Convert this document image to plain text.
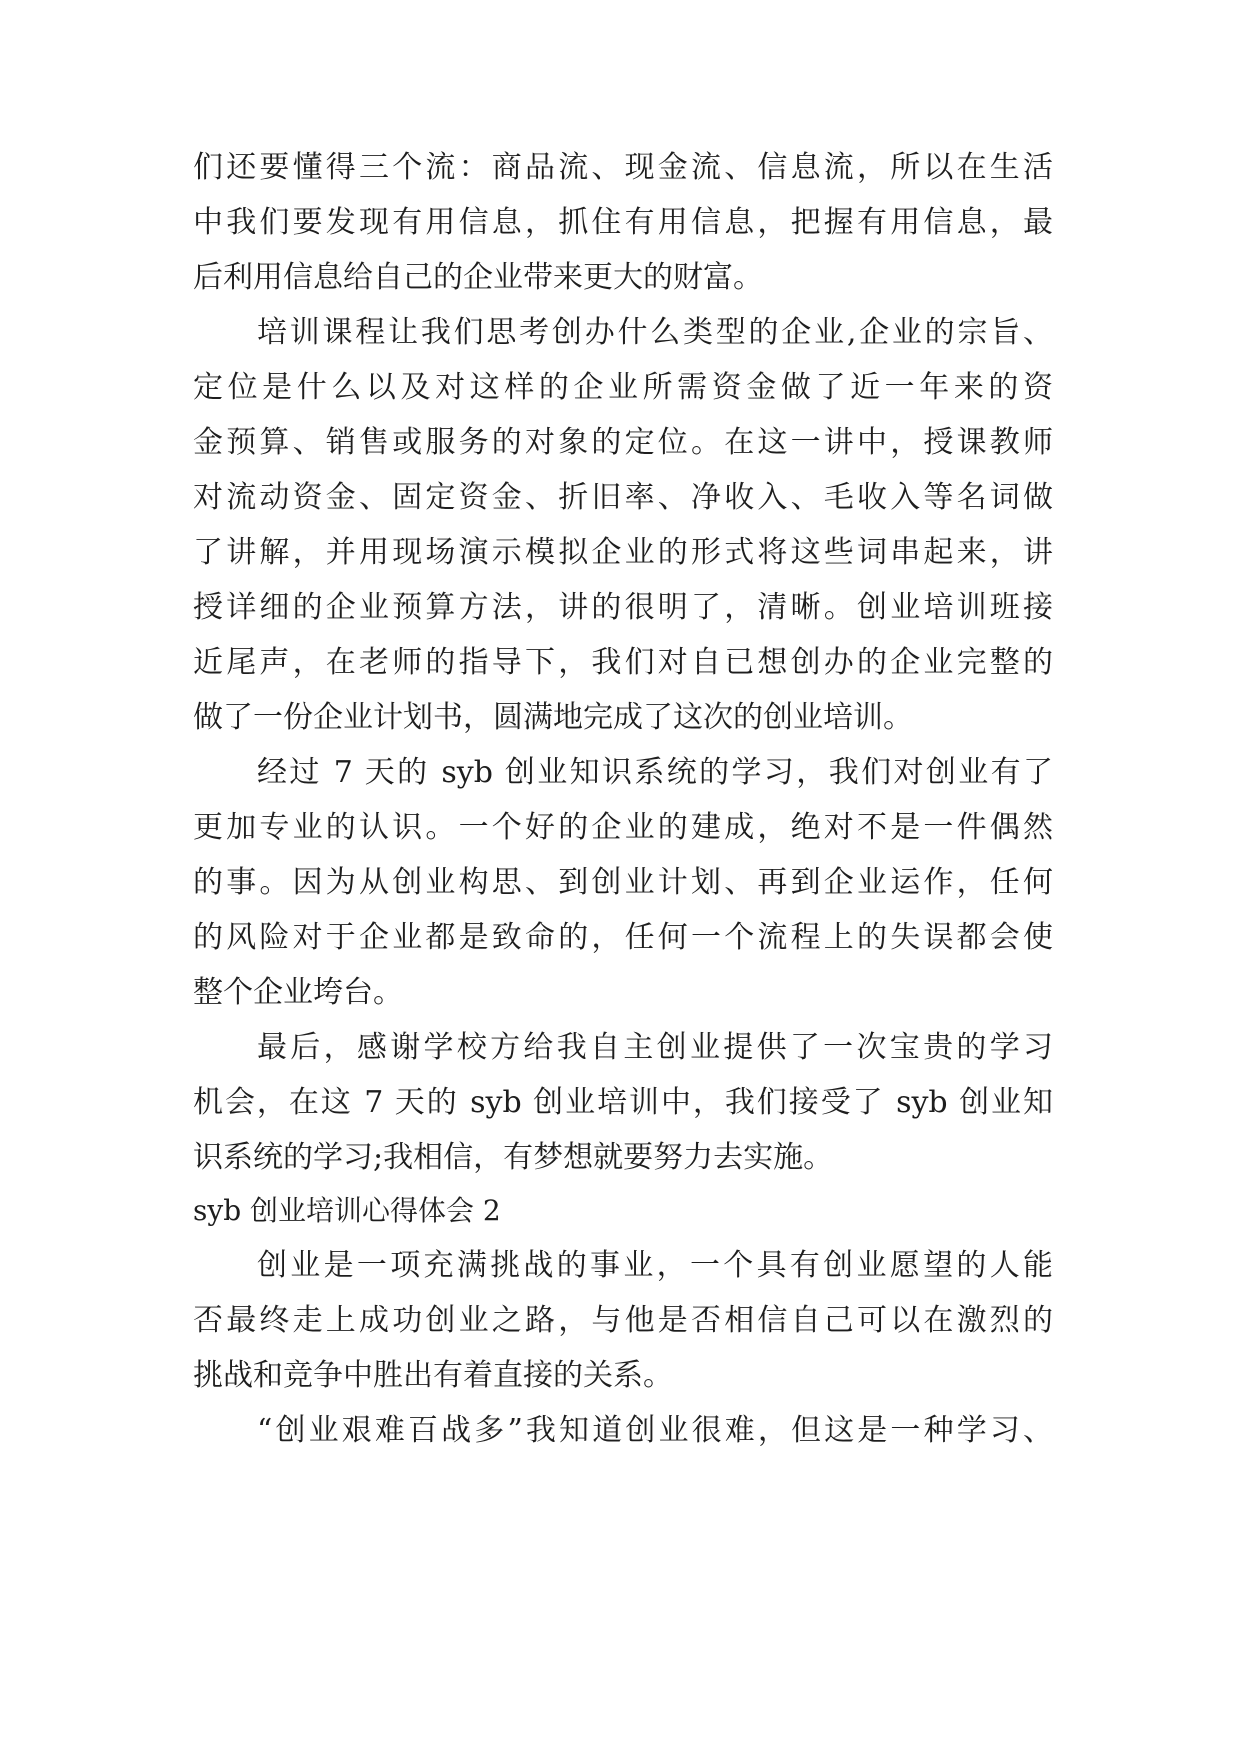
们还要懂得三个流：商品流、现金流、信息流，所以在生活
中我们要发现有用信息，抓住有用信息，把握有用信息，最
后利用信息给自己的企业带来更大的财富。
培训课程让我们思考创办什么类型的企业,企业的宗旨、
定位是什么以及对这样的企业所需资金做了近一年来的资
金预算、销售或服务的对象的定位。在这一讲中，授课教师
对流动资金、固定资金、折旧率、净收入、毛收入等名词做
了讲解，并用现场演示模拟企业的形式将这些词串起来，讲
授详细的企业预算方法，讲的很明了，清晰。创业培训班接
近尾声，在老师的指导下，我们对自已想创办的企业完整的
做了一份企业计划书，圆满地完成了这次的创业培训。
经过 7 天的 syb 创业知识系统的学习，我们对创业有了
更加专业的认识。一个好的企业的建成，绝对不是一件偶然
的事。因为从创业构思、到创业计划、再到企业运作，任何
的风险对于企业都是致命的，任何一个流程上的失误都会使
整个企业垮台。
最后，感谢学校方给我自主创业提供了一次宝贵的学习
机会，在这 7 天的 syb 创业培训中，我们接受了 syb 创业知
识系统的学习;我相信，有梦想就要努力去实施。
syb 创业培训心得体会 2
创业是一项充满挑战的事业，一个具有创业愿望的人能
否最终走上成功创业之路，与他是否相信自己可以在激烈的
挑战和竞争中胜出有着直接的关系。
“创业艰难百战多”我知道创业很难，但这是一种学习、
